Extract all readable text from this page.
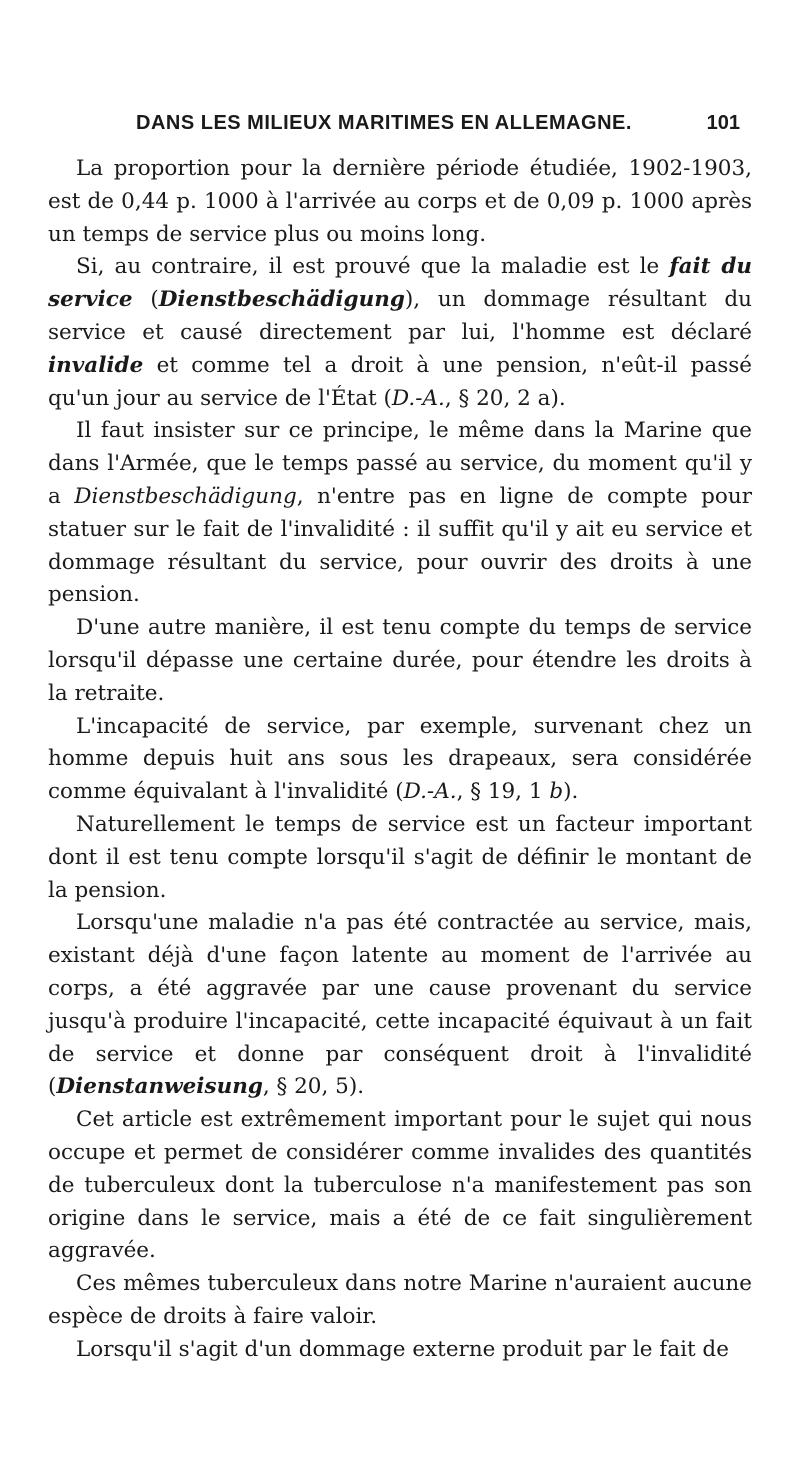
DANS LES MILIEUX MARITIMES EN ALLEMAGNE.	101

La proportion pour la dernière période étudiée, 1902-1903, est de 0,44 p. 1000 à l'arrivée au corps et de 0,09 p. 1000 après un temps de service plus ou moins long.

Si, au contraire, il est prouvé que la maladie est le fait du service (Dienstbeschädigung), un dommage résultant du service et causé directement par lui, l'homme est déclaré invalide et comme tel a droit à une pension, n'eût-il passé qu'un jour au service de l'État (D.-A., § 20, 2 a).

Il faut insister sur ce principe, le même dans la Marine que dans l'Armée, que le temps passé au service, du moment qu'il y a Dienstbeschädigung, n'entre pas en ligne de compte pour statuer sur le fait de l'invalidité : il suffit qu'il y ait eu service et dommage résultant du service, pour ouvrir des droits à une pension.

D'une autre manière, il est tenu compte du temps de service lorsqu'il dépasse une certaine durée, pour étendre les droits à la retraite.

L'incapacité de service, par exemple, survenant chez un homme depuis huit ans sous les drapeaux, sera considérée comme équivalant à l'invalidité (D.-A., § 19, 1 b).

Naturellement le temps de service est un facteur important dont il est tenu compte lorsqu'il s'agit de définir le montant de la pension.

Lorsqu'une maladie n'a pas été contractée au service, mais, existant déjà d'une façon latente au moment de l'arrivée au corps, a été aggravée par une cause provenant du service jusqu'à produire l'incapacité, cette incapacité équivaut à un fait de service et donne par conséquent droit à l'invalidité (Dienstanweisung, § 20, 5).

Cet article est extrêmement important pour le sujet qui nous occupe et permet de considérer comme invalides des quantités de tuberculeux dont la tuberculose n'a manifestement pas son origine dans le service, mais a été de ce fait singulièrement aggravée.

Ces mêmes tuberculeux dans notre Marine n'auraient aucune espèce de droits à faire valoir.

Lorsqu'il s'agit d'un dommage externe produit par le fait de
